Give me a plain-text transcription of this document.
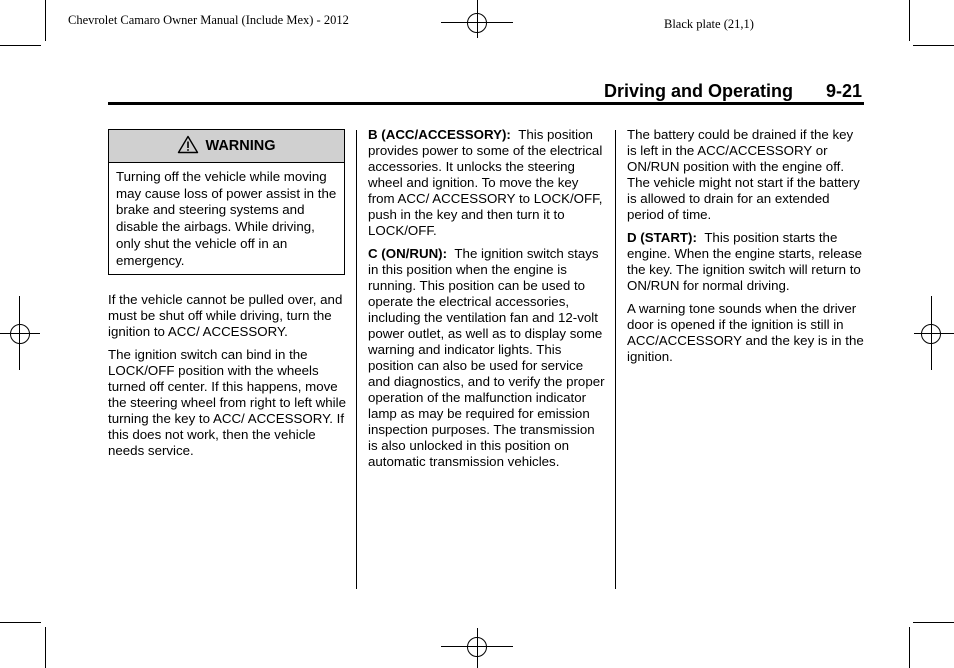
Chevrolet Camaro Owner Manual (Include Mex) - 2012	Black plate (21,1)
Driving and Operating 9-21
WARNING
Turning off the vehicle while moving may cause loss of power assist in the brake and steering systems and disable the airbags. While driving, only shut the vehicle off in an emergency.

If the vehicle cannot be pulled over, and must be shut off while driving, turn the ignition to ACC/ ACCESSORY.

The ignition switch can bind in the LOCK/OFF position with the wheels turned off center. If this happens, move the steering wheel from right to left while turning the key to ACC/ ACCESSORY. If this does not work, then the vehicle needs service.

B (ACC/ACCESSORY): This position provides power to some of the electrical accessories. It unlocks the steering wheel and ignition. To move the key from ACC/ ACCESSORY to LOCK/OFF, push in the key and then turn it to LOCK/OFF.

C (ON/RUN): The ignition switch stays in this position when the engine is running. This position can be used to operate the electrical accessories, including the ventilation fan and 12-volt power outlet, as well as to display some warning and indicator lights. This position can also be used for service and diagnostics, and to verify the proper operation of the malfunction indicator lamp as may be required for emission inspection purposes. The transmission is also unlocked in this position on automatic transmission vehicles.

The battery could be drained if the key is left in the ACC/ACCESSORY or ON/RUN position with the engine off. The vehicle might not start if the battery is allowed to drain for an extended period of time.

D (START): This position starts the engine. When the engine starts, release the key. The ignition switch will return to ON/RUN for normal driving.

A warning tone sounds when the driver door is opened if the ignition is still in ACC/ACCESSORY and the key is in the ignition.
